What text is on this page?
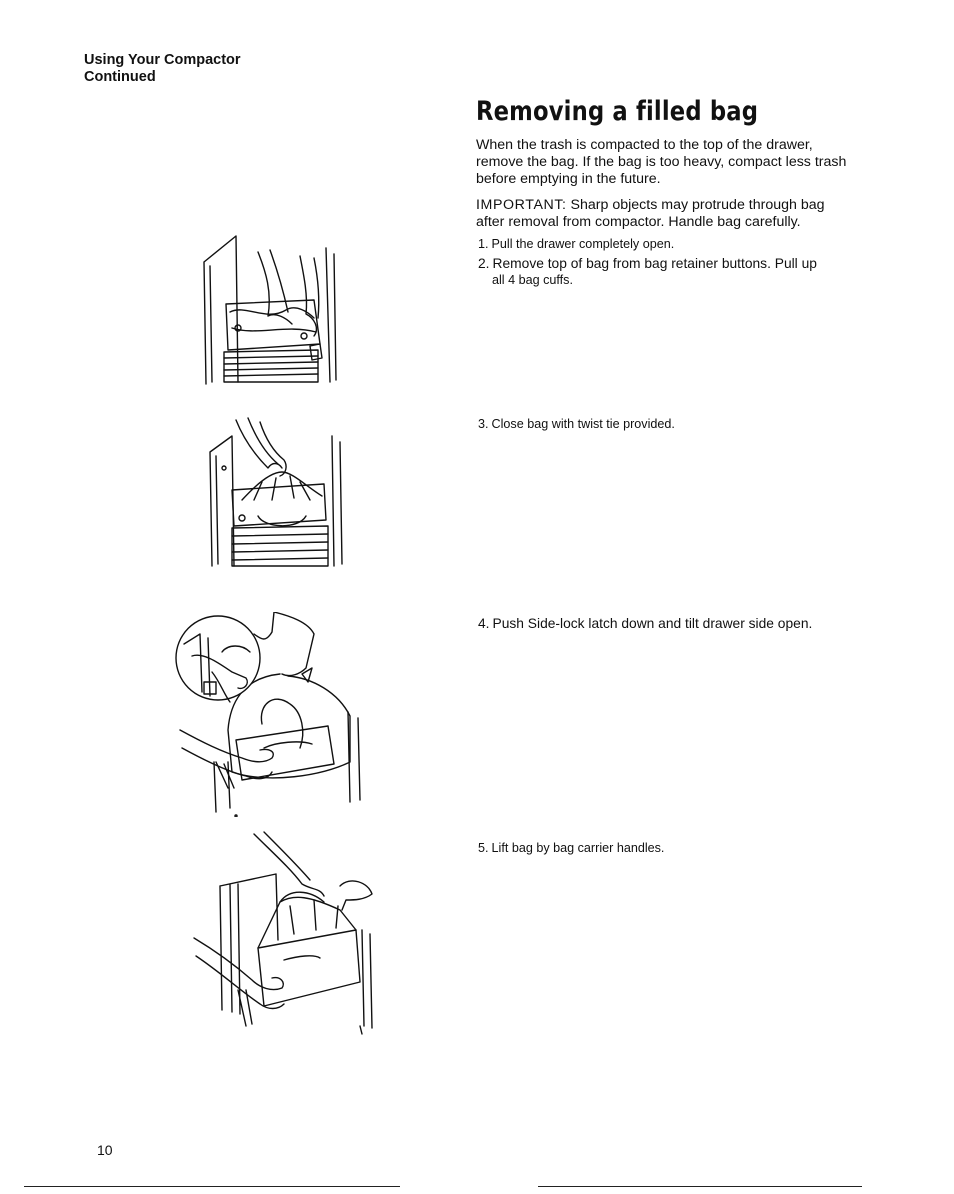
Using Your Compactor
Continued
Removing a filled bag
When the trash is compacted to the top of the drawer, remove the bag. If the bag is too heavy, compact less trash before emptying in the future.
IMPORTANT: Sharp objects may protrude through bag after removal from compactor. Handle bag carefully.
1. Pull the drawer completely open.
2. Remove top of bag from bag retainer buttons. Pull up
all 4 bag cuffs.
3. Close bag with twist tie provided.
4. Push Side-lock latch down and tilt drawer side open.
5. Lift bag by bag carrier handles.
10
